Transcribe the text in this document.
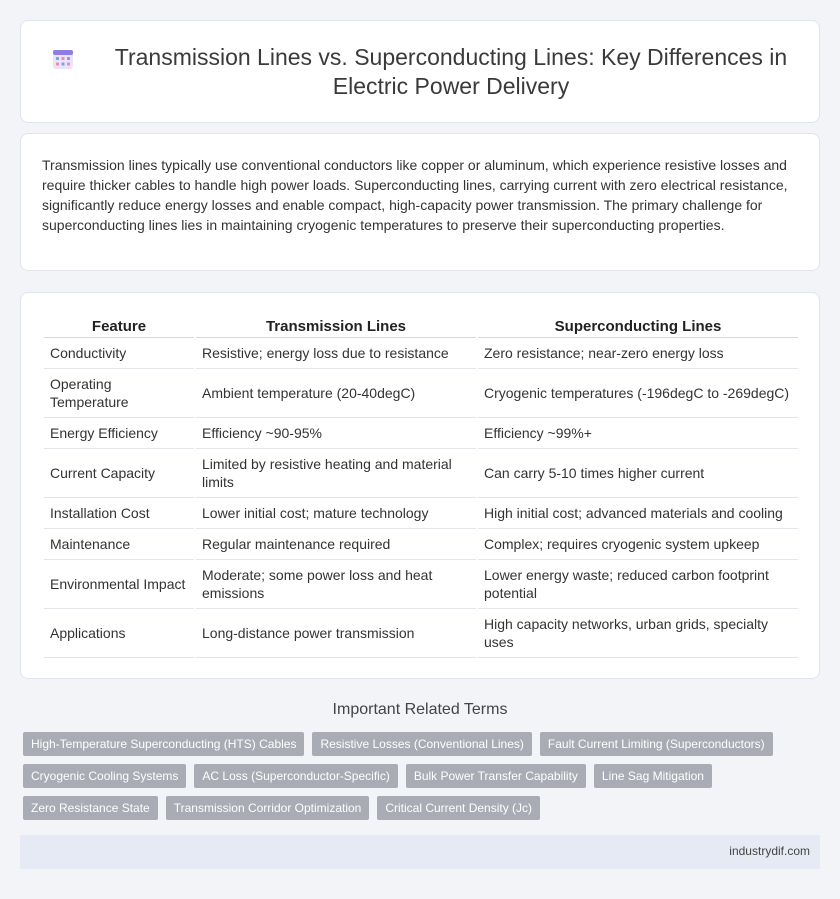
Transmission Lines vs. Superconducting Lines: Key Differences in Electric Power Delivery

Transmission lines typically use conventional conductors like copper or aluminum, which experience resistive losses and require thicker cables to handle high power loads. Superconducting lines, carrying current with zero electrical resistance, significantly reduce energy losses and enable compact, high-capacity power transmission. The primary challenge for superconducting lines lies in maintaining cryogenic temperatures to preserve their superconducting properties.

Feature	Transmission Lines	Superconducting Lines
Conductivity	Resistive; energy loss due to resistance	Zero resistance; near-zero energy loss
Operating Temperature	Ambient temperature (20-40degC)	Cryogenic temperatures (-196degC to -269degC)
Energy Efficiency	Efficiency ~90-95%	Efficiency ~99%+
Current Capacity	Limited by resistive heating and material limits	Can carry 5-10 times higher current
Installation Cost	Lower initial cost; mature technology	High initial cost; advanced materials and cooling
Maintenance	Regular maintenance required	Complex; requires cryogenic system upkeep
Environmental Impact	Moderate; some power loss and heat emissions	Lower energy waste; reduced carbon footprint potential
Applications	Long-distance power transmission	High capacity networks, urban grids, specialty uses
Important Related Terms
High-Temperature Superconducting (HTS) Cables	Resistive Losses (Conventional Lines)	Fault Current Limiting (Superconductors)
Cryogenic Cooling Systems	AC Loss (Superconductor-Specific)	Bulk Power Transfer Capability	Line Sag Mitigation
Zero Resistance State	Transmission Corridor Optimization	Critical Current Density (Jc)
industrydif.com
